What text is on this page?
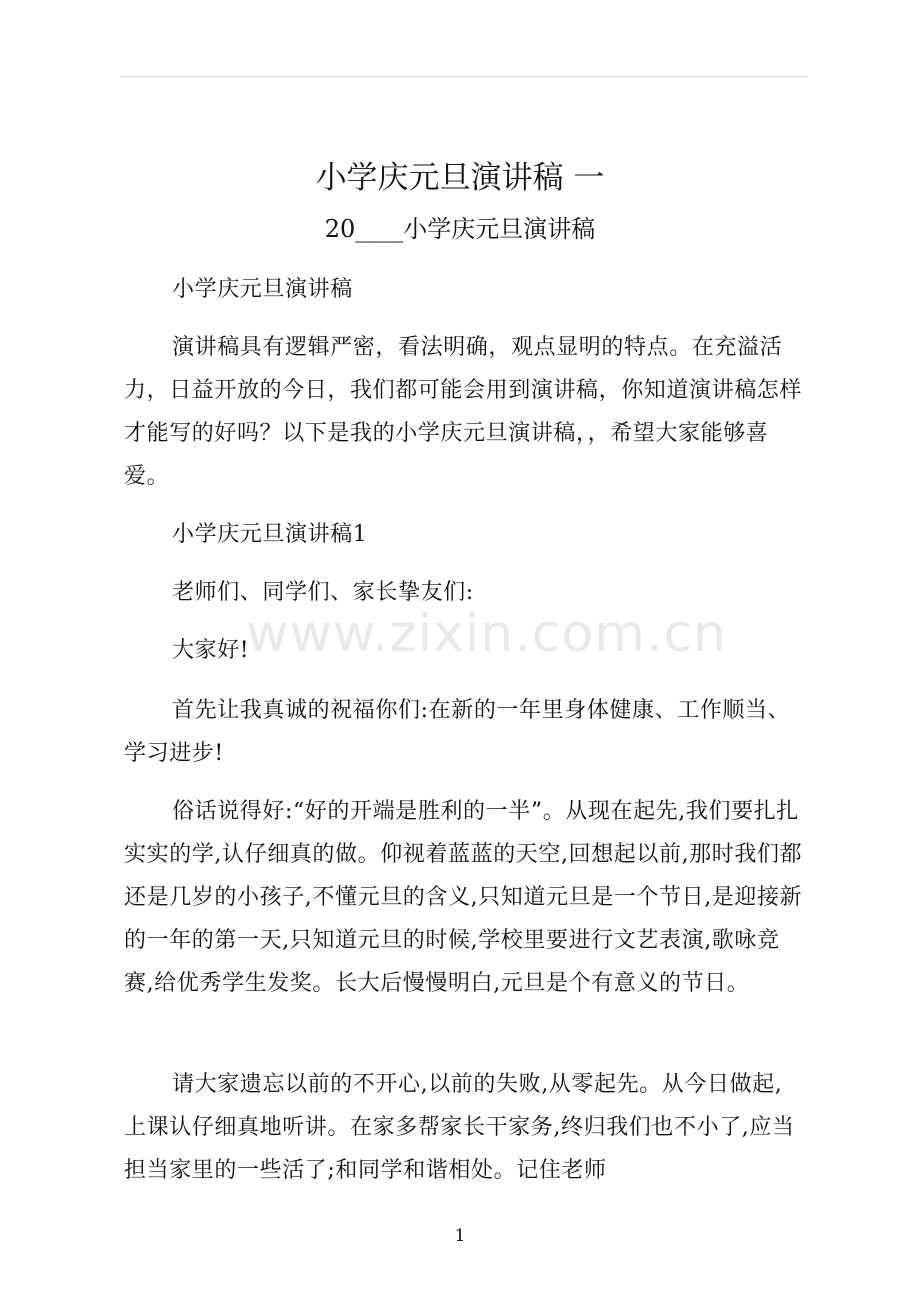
小学庆元旦演讲稿 一
20____小学庆元旦演讲稿
小学庆元旦演讲稿
演讲稿具有逻辑严密，看法明确，观点显明的特点。在充溢活力，日益开放的今日，我们都可能会用到演讲稿，你知道演讲稿怎样才能写的好吗？以下是我的小学庆元旦演讲稿，，希望大家能够喜爱。
小学庆元旦演讲稿1
老师们、同学们、家长挚友们:
大家好!
首先让我真诚的祝福你们:在新的一年里身体健康、工作顺当、学习进步!
俗话说得好:“好的开端是胜利的一半”。从现在起先,我们要扎扎实实的学,认仔细真的做。仰视着蓝蓝的天空,回想起以前,那时我们都还是几岁的小孩子,不懂元旦的含义,只知道元旦是一个节日,是迎接新的一年的第一天,只知道元旦的时候,学校里要进行文艺表演,歌咏竞赛,给优秀学生发奖。长大后慢慢明白,元旦是个有意义的节日。
请大家遗忘以前的不开心,以前的失败,从零起先。从今日做起,上课认仔细真地听讲。在家多帮家长干家务,终归我们也不小了,应当担当家里的一些活了;和同学和谐相处。记住老师
www.zixin.com.cn
1
